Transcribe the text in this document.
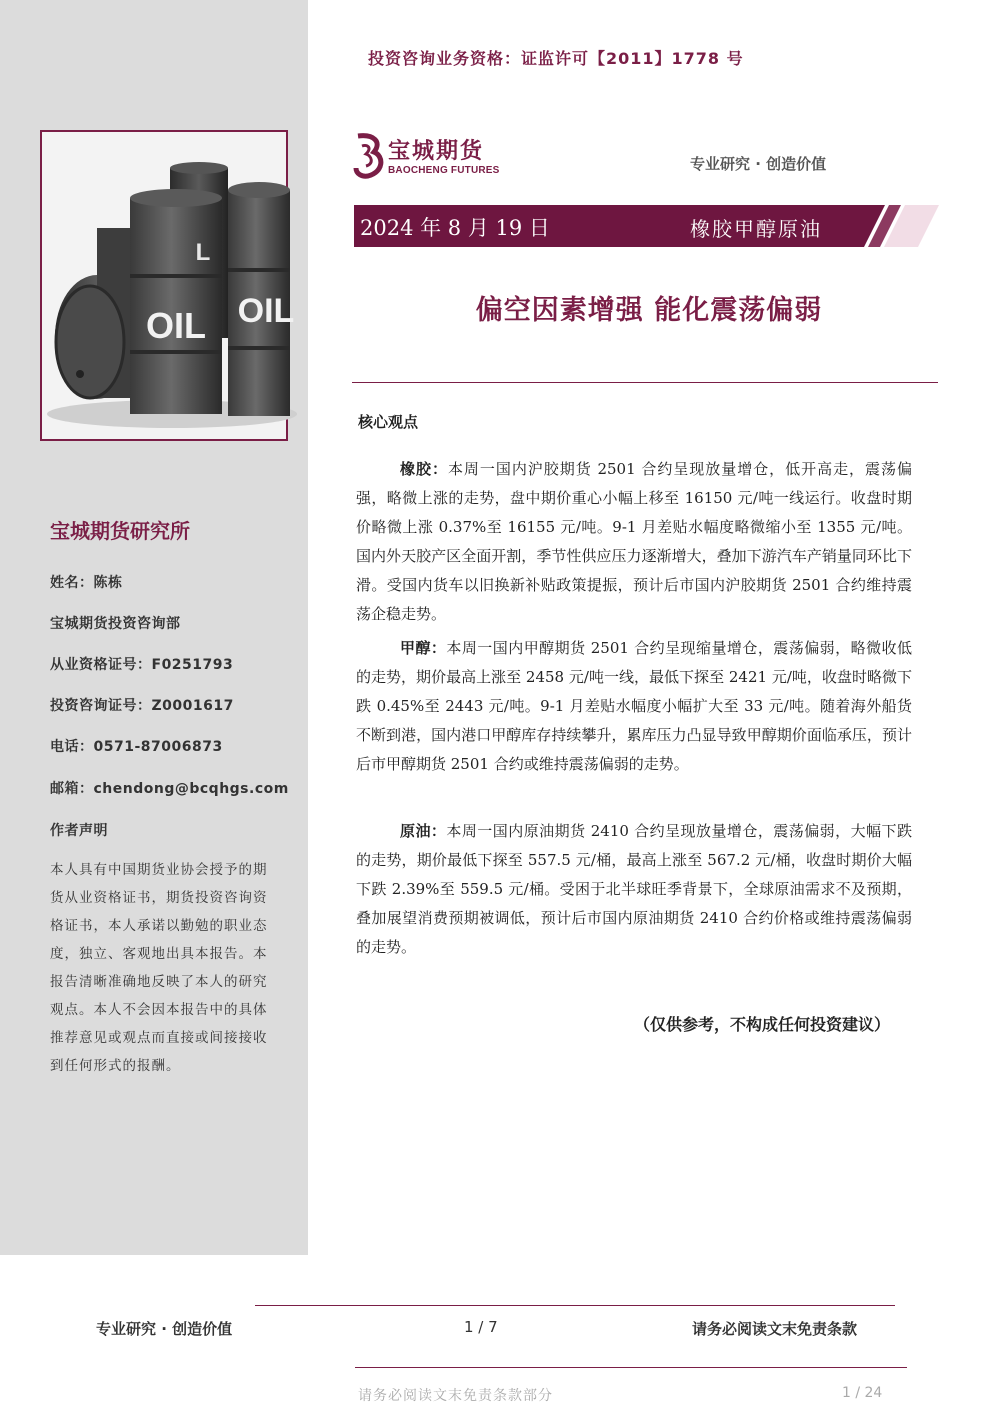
投资咨询业务资格：证监许可【2011】1778 号
OIL OIL
L
宝城期货
BAOCHENG FUTURES	专业研究 · 创造价值
2024 年 8 月 19 日	橡胶甲醇原油
偏空因素增强 能化震荡偏弱
核心观点

橡胶：本周一国内沪胶期货 2501 合约呈现放量增仓，低开高走，震荡偏强，略微上涨的走势，盘中期价重心小幅上移至 16150 元/吨一线运行。收盘时期价略微上涨 0.37%至 16155 元/吨。9-1 月差贴水幅度略微缩小至 1355 元/吨。国内外天胶产区全面开割，季节性供应压力逐渐增大，叠加下游汽车产销量同环比下滑。受国内货车以旧换新补贴政策提振，预计后市国内沪胶期货 2501 合约维持震荡企稳走势。

甲醇：本周一国内甲醇期货 2501 合约呈现缩量增仓，震荡偏弱，略微收低的走势，期价最高上涨至 2458 元/吨一线，最低下探至 2421 元/吨，收盘时略微下跌 0.45%至 2443 元/吨。9-1 月差贴水幅度小幅扩大至 33 元/吨。随着海外船货不断到港，国内港口甲醇库存持续攀升，累库压力凸显导致甲醇期价面临承压，预计后市甲醇期货 2501 合约或维持震荡偏弱的走势。

原油：本周一国内原油期货 2410 合约呈现放量增仓，震荡偏弱，大幅下跌的走势，期价最低下探至 557.5 元/桶，最高上涨至 567.2 元/桶，收盘时期价大幅下跌 2.39%至 559.5 元/桶。受困于北半球旺季背景下，全球原油需求不及预期，叠加展望消费预期被调低，预计后市国内原油期货 2410 合约价格或维持震荡偏弱的走势。

（仅供参考，不构成任何投资建议）
宝城期货研究所
姓名：陈栋
宝城期货投资咨询部
从业资格证号：F0251793
投资咨询证号：Z0001617
电话：0571-87006873
邮箱：chendong@bcqhgs.com
作者声明

本人具有中国期货业协会授予的期货从业资格证书，期货投资咨询资格证书，本人承诺以勤勉的职业态度，独立、客观地出具本报告。本报告清晰准确地反映了本人的研究观点。本人不会因本报告中的具体推荐意见或观点而直接或间接接收到任何形式的报酬。

专业研究 · 创造价值	1 / 7	请务必阅读文末免责条款
请务必阅读文末免责条款部分	1 / 24
